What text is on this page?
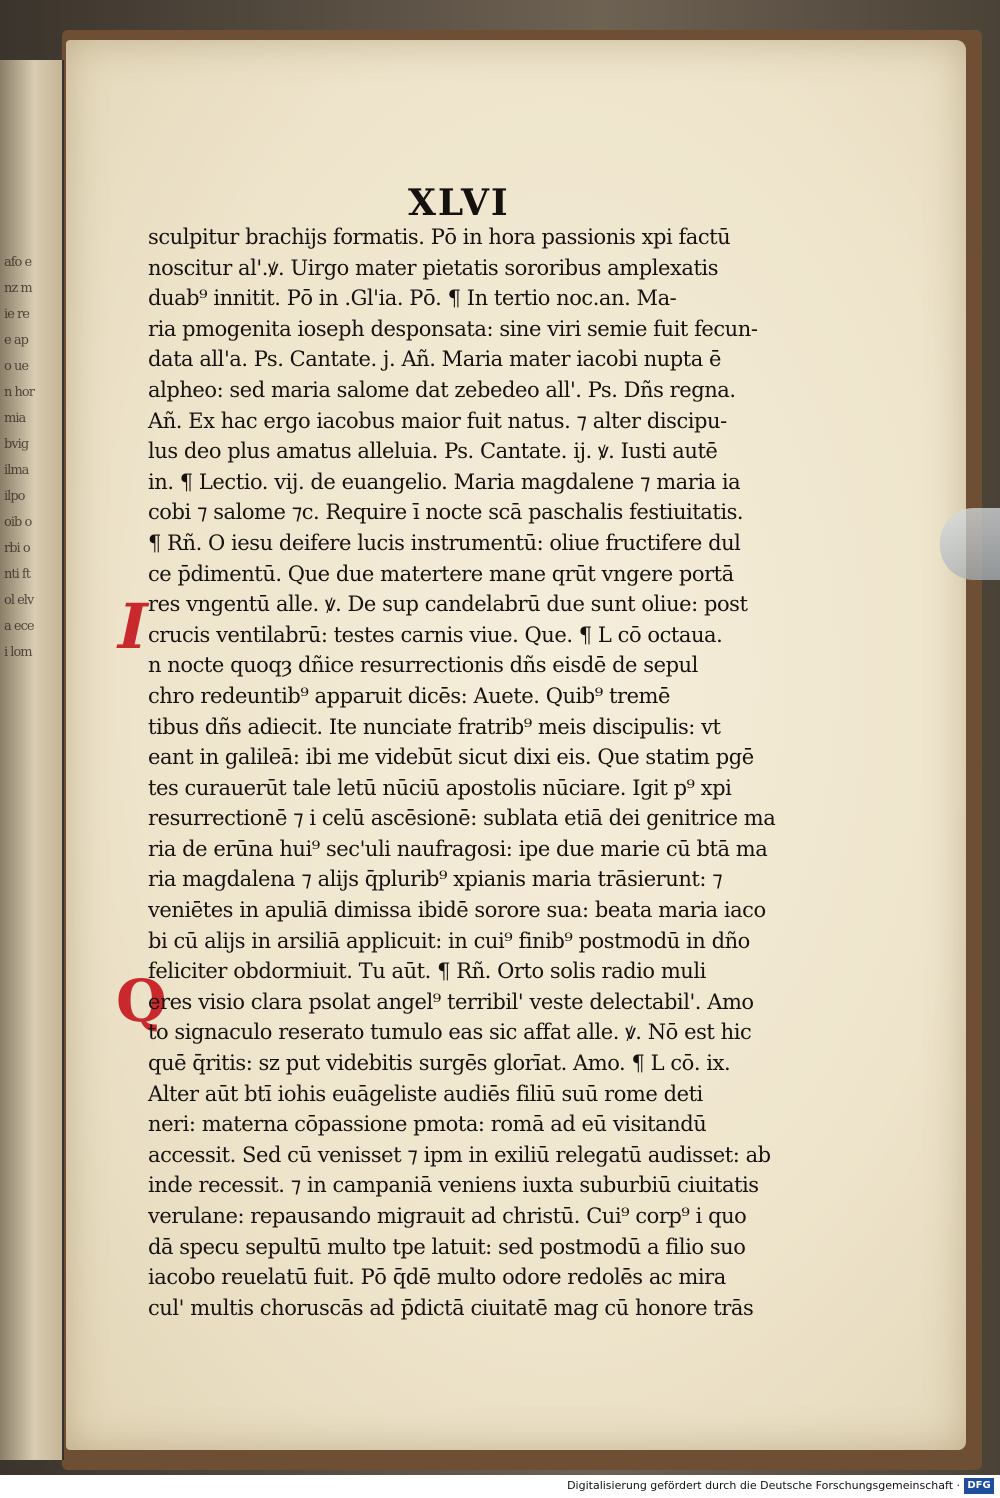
afo enz mie ree apo uen hor mia bvig ilma ilpo oib orbi onti ftol elva ecei lom
XLVI
I
Q
sculpitur brachijs formatis. Pō in hora passionis xpi factū
noscitur al'.ꝟ. Uirgo mater pietatis sororibus amplexatis
duab⁹ innitit. Pō in .Gl'ia. Pō. ¶ In tertio noc.an. Ma-
ria pmogenita ioseph desponsata: sine viri semie fuit fecun-
data all'a. Ps. Cantate. j. Añ. Maria mater iacobi nupta ē
alpheo: sed maria salome dat zebedeo all'. Ps. Dñs regna.
Añ. Ex hac ergo iacobus maior fuit natus. ⁊ alter discipu-
lus deo plus amatus alleluia. Ps. Cantate. ij. ꝟ. Iusti autē
in. ¶ Lectio. vij. de euangelio. Maria magdalene ⁊ maria ia
cobi ⁊ salome ⁊c. Require ī nocte scā paschalis festiuitatis.
¶ Rñ. O iesu deifere lucis instrumentū: oliue fructifere dul
ce p̄dimentū. Que due matertere mane qrūt vngere portā
res vngentū alle. ꝟ. De sup candelabrū due sunt oliue: post
crucis ventilabrū: testes carnis viue. Que. ¶ L cō octaua.
n nocte quoqȝ dñice resurrectionis dñs eisdē de sepul
chro redeuntib⁹ apparuit dicēs: Auete. Quib⁹ tremē
tibus dñs adiecit. Ite nunciate fratrib⁹ meis discipulis: vt
eant in galileā: ibi me videbūt sicut dixi eis. Que statim pgē
tes curauerūt tale letū nūciū apostolis nūciare. Igit p⁹ xpi
resurrectionē ⁊ i celū ascēsionē: sublata etiā dei genitrice ma
ria de erūna hui⁹ sec'uli naufragosi: ipe due marie cū btā ma
ria magdalena ⁊ alijs q̄plurib⁹ xpianis maria trāsierunt: ⁊
veniētes in apuliā dimissa ibidē sorore sua: beata maria iaco
bi cū alijs in arsiliā applicuit: in cui⁹ finib⁹ postmodū in dño
feliciter obdormiuit. Tu aūt. ¶ Rñ. Orto solis radio muli
eres visio clara psolat angel⁹ terribil' veste delectabil'. Amo
to signaculo reserato tumulo eas sic affat alle. ꝟ. Nō est hic
quē q̄ritis: sz put videbitis surgēs glorīat. Amo. ¶ L cō. ix.
Alter aūt btī iohis euāgeliste audiēs filiū suū rome deti
neri: materna cōpassione pmota: romā ad eū visitandū
accessit. Sed cū venisset ⁊ ipm in exiliū relegatū audisset: ab
inde recessit. ⁊ in campaniā veniens iuxta suburbiū ciuitatis
verulane: repausando migrauit ad christū. Cui⁹ corp⁹ i quo
dā specu sepultū multo tpe latuit: sed postmodū a filio suo
iacobo reuelatū fuit. Pō q̄dē multo odore redolēs ac mira
cul' multis choruscās ad p̄dictā ciuitatē mag cū honore trās
Digitalisierung gefördert durch die Deutsche Forschungsgemeinschaft · DFG
